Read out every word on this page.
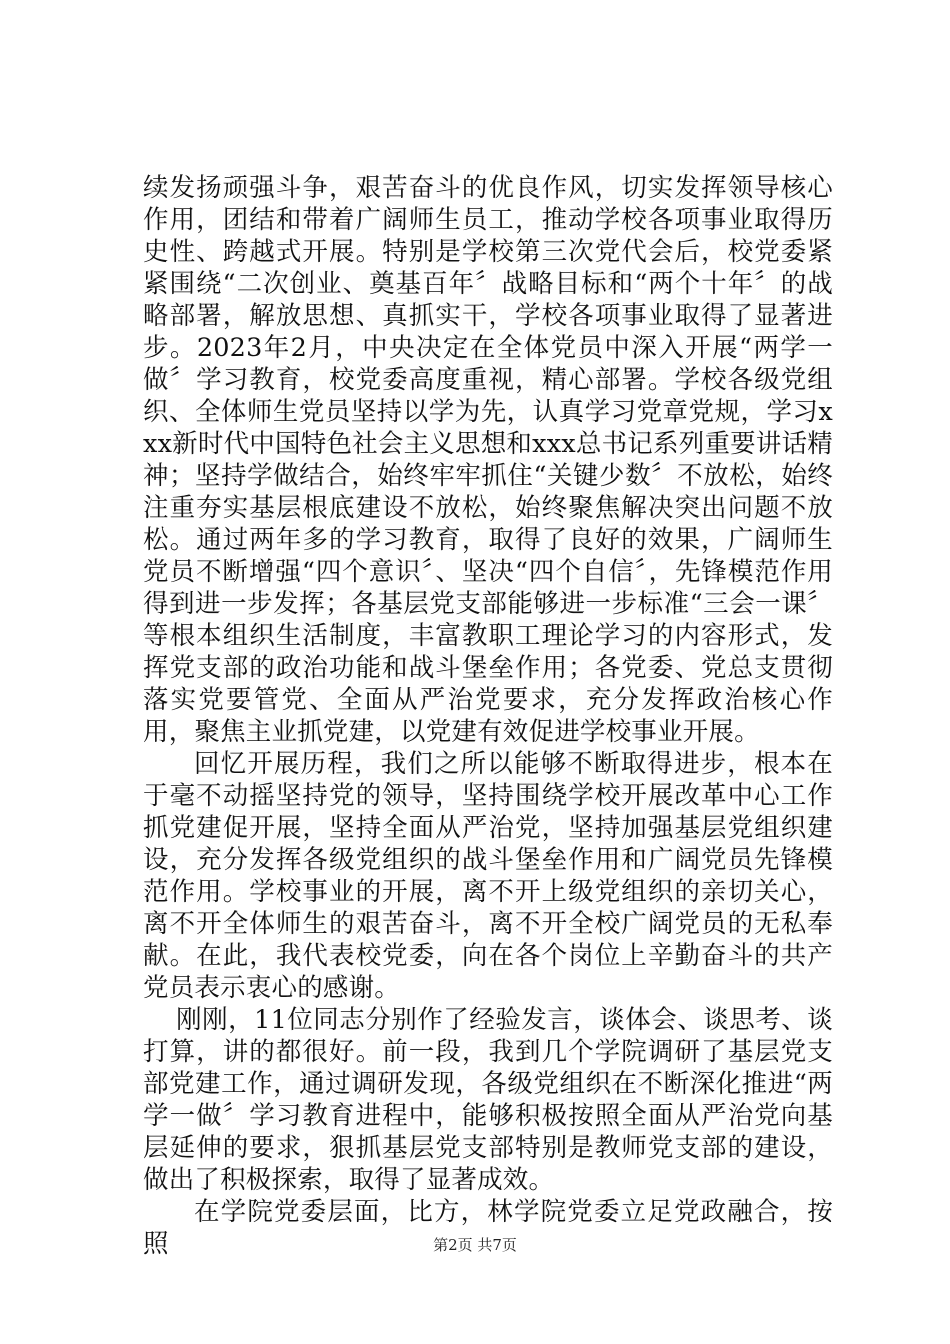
续发扬顽强斗争，艰苦奋斗的优良作风，切实发挥领导核心作用，团结和带着广阔师生员工，推动学校各项事业取得历史性、跨越式开展。特别是学校第三次党代会后，校党委紧紧围绕“二次创业、奠基百年〞战略目标和“两个十年〞的战略部署，解放思想、真抓实干，学校各项事业取得了显著进步。2023年2月，中央决定在全体党员中深入开展“两学一做〞学习教育，校党委高度重视，精心部署。学校各级党组织、全体师生党员坚持以学为先，认真学习党章党规，学习xxx新时代中国特色社会主义思想和xxx总书记系列重要讲话精神；坚持学做结合，始终牢牢抓住“关键少数〞不放松，始终注重夯实基层根底建设不放松，始终聚焦解决突出问题不放松。通过两年多的学习教育，取得了良好的效果，广阔师生党员不断增强“四个意识〞、坚决“四个自信〞，先锋模范作用得到进一步发挥；各基层党支部能够进一步标准“三会一课〞等根本组织生活制度，丰富教职工理论学习的内容形式，发挥党支部的政治功能和战斗堡垒作用；各党委、党总支贯彻落实党要管党、全面从严治党要求，充分发挥政治核心作用，聚焦主业抓党建，以党建有效促进学校事业开展。

回忆开展历程，我们之所以能够不断取得进步，根本在于毫不动摇坚持党的领导，坚持围绕学校开展改革中心工作抓党建促开展，坚持全面从严治党，坚持加强基层党组织建设，充分发挥各级党组织的战斗堡垒作用和广阔党员先锋模范作用。学校事业的开展，离不开上级党组织的亲切关心，离不开全体师生的艰苦奋斗，离不开全校广阔党员的无私奉献。在此，我代表校党委，向在各个岗位上辛勤奋斗的共产党员表示衷心的感谢。

刚刚，11位同志分别作了经验发言，谈体会、谈思考、谈打算，讲的都很好。前一段，我到几个学院调研了基层党支部党建工作，通过调研发现，各级党组织在不断深化推进“两学一做〞学习教育进程中，能够积极按照全面从严治党向基层延伸的要求，狠抓基层党支部特别是教师党支部的建设，做出了积极探索，取得了显著成效。

在学院党委层面，比方，林学院党委立足党政融合，按照	第2页 共7页
